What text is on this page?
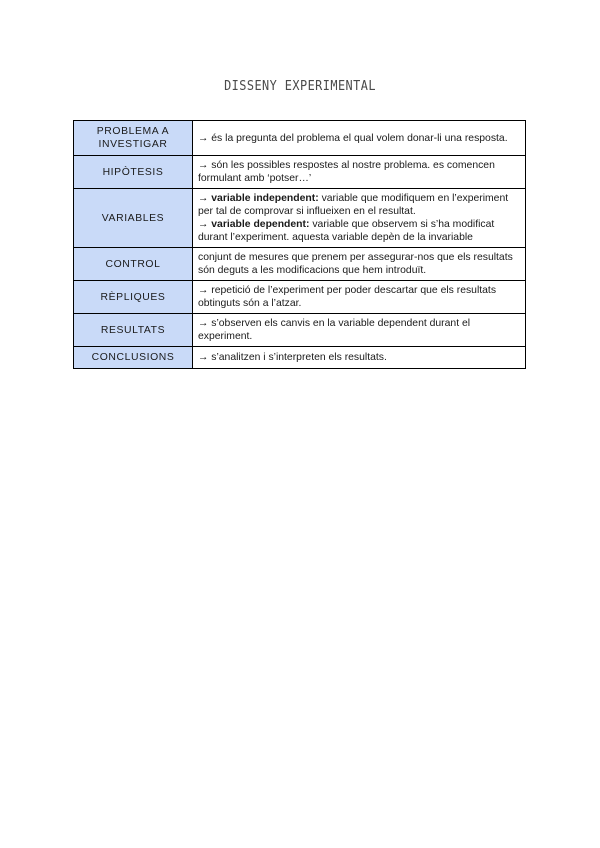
DISSENY EXPERIMENTAL
PROBLEMA A INVESTIGAR	→ és la pregunta del problema el qual volem donar-li una resposta.

HIPÒTESIS	→ són les possibles respostes al nostre problema. es comencen formulant amb ‘potser…’

VARIABLES	→ variable independent: variable que modifiquem en l’experiment per tal de comprovar si influeixen en el resultat.
→ variable dependent: variable que observem si s’ha modificat durant l’experiment. aquesta variable depèn de la invariable

CONTROL	conjunt de mesures que prenem per assegurar-nos que els resultats són deguts a les modificacions que hem introduït.

RÈPLIQUES	→ repetició de l’experiment per poder descartar que els resultats obtinguts són a l’atzar.

RESULTATS	→ s’observen els canvis en la variable dependent durant el experiment.

CONCLUSIONS	→ s’analitzen i s’interpreten els resultats.
